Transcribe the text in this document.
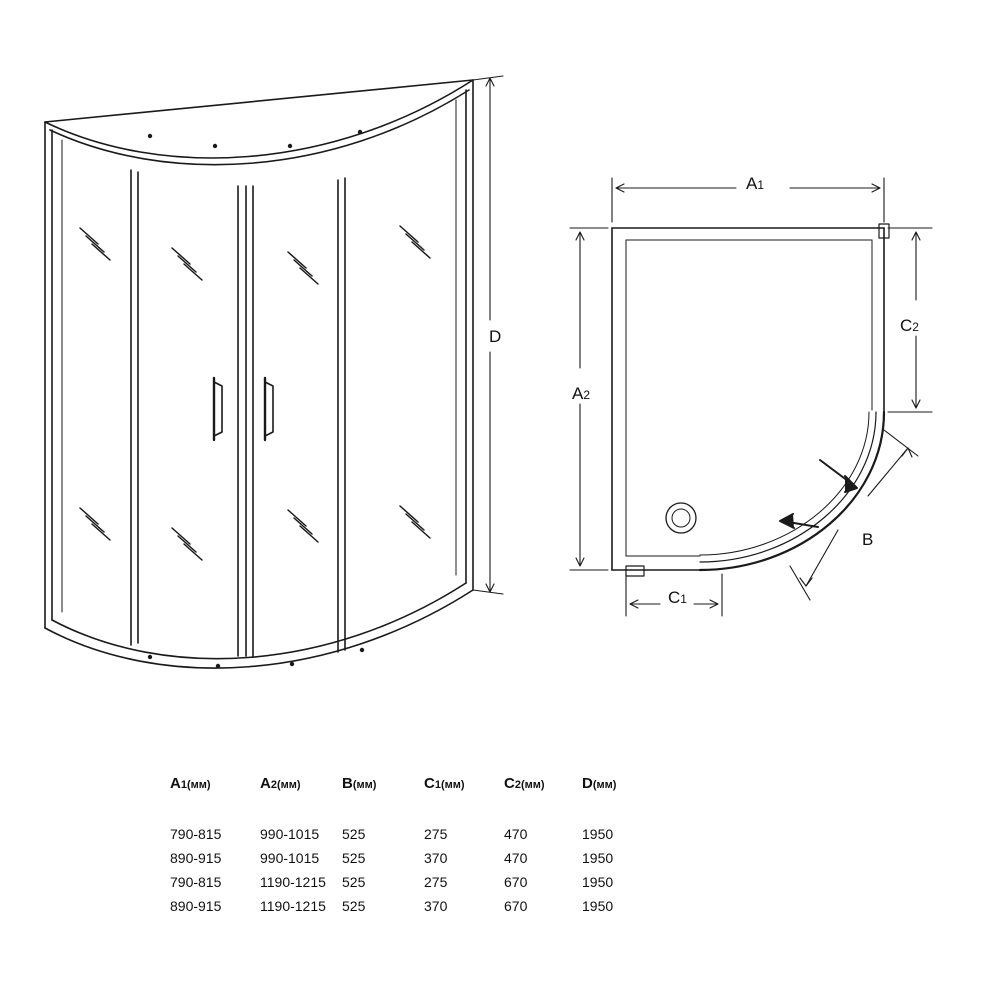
D
A1
A2
B
C1
C2
A1(мм)	A2(мм)	B(мм)	C1(мм)	C2(мм)	D(мм)
790-815	990-1015	525	275	470	1950
890-915	990-1015	525	370	470	1950
790-815	1190-1215	525	275	670	1950
890-915	1190-1215	525	370	670	1950
